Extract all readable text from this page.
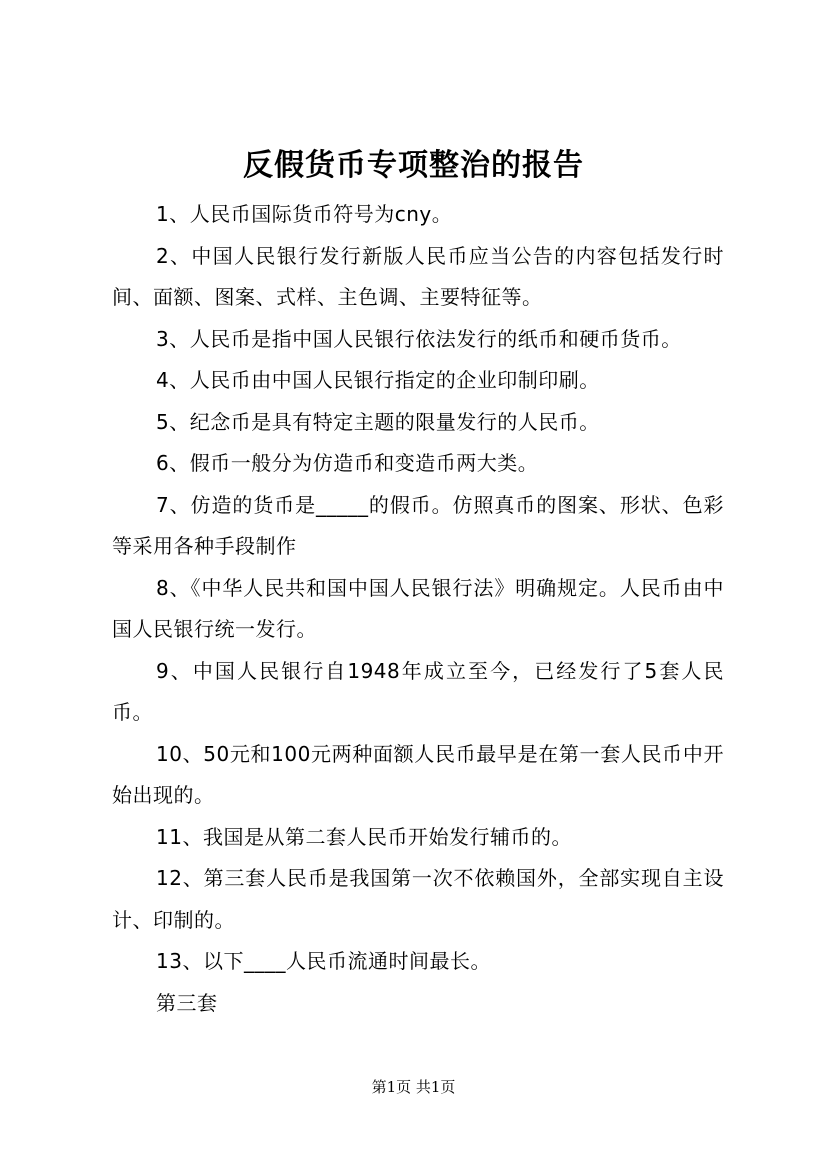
反假货币专项整治的报告

1、人民币国际货币符号为cny。

2、中国人民银行发行新版人民币应当公告的内容包括发行时间、面额、图案、式样、主色调、主要特征等。

3、人民币是指中国人民银行依法发行的纸币和硬币货币。

4、人民币由中国人民银行指定的企业印制印刷。

5、纪念币是具有特定主题的限量发行的人民币。

6、假币一般分为仿造币和变造币两大类。

7、仿造的货币是_____的假币。仿照真币的图案、形状、色彩等采用各种手段制作

8、《中华人民共和国中国人民银行法》明确规定。人民币由中国人民银行统一发行。

9、中国人民银行自1948年成立至今，已经发行了5套人民币。

10、50元和100元两种面额人民币最早是在第一套人民币中开始出现的。

11、我国是从第二套人民币开始发行辅币的。

12、第三套人民币是我国第一次不依赖国外，全部实现自主设计、印制的。

13、以下____人民币流通时间最长。

第三套

第1页 共1页
